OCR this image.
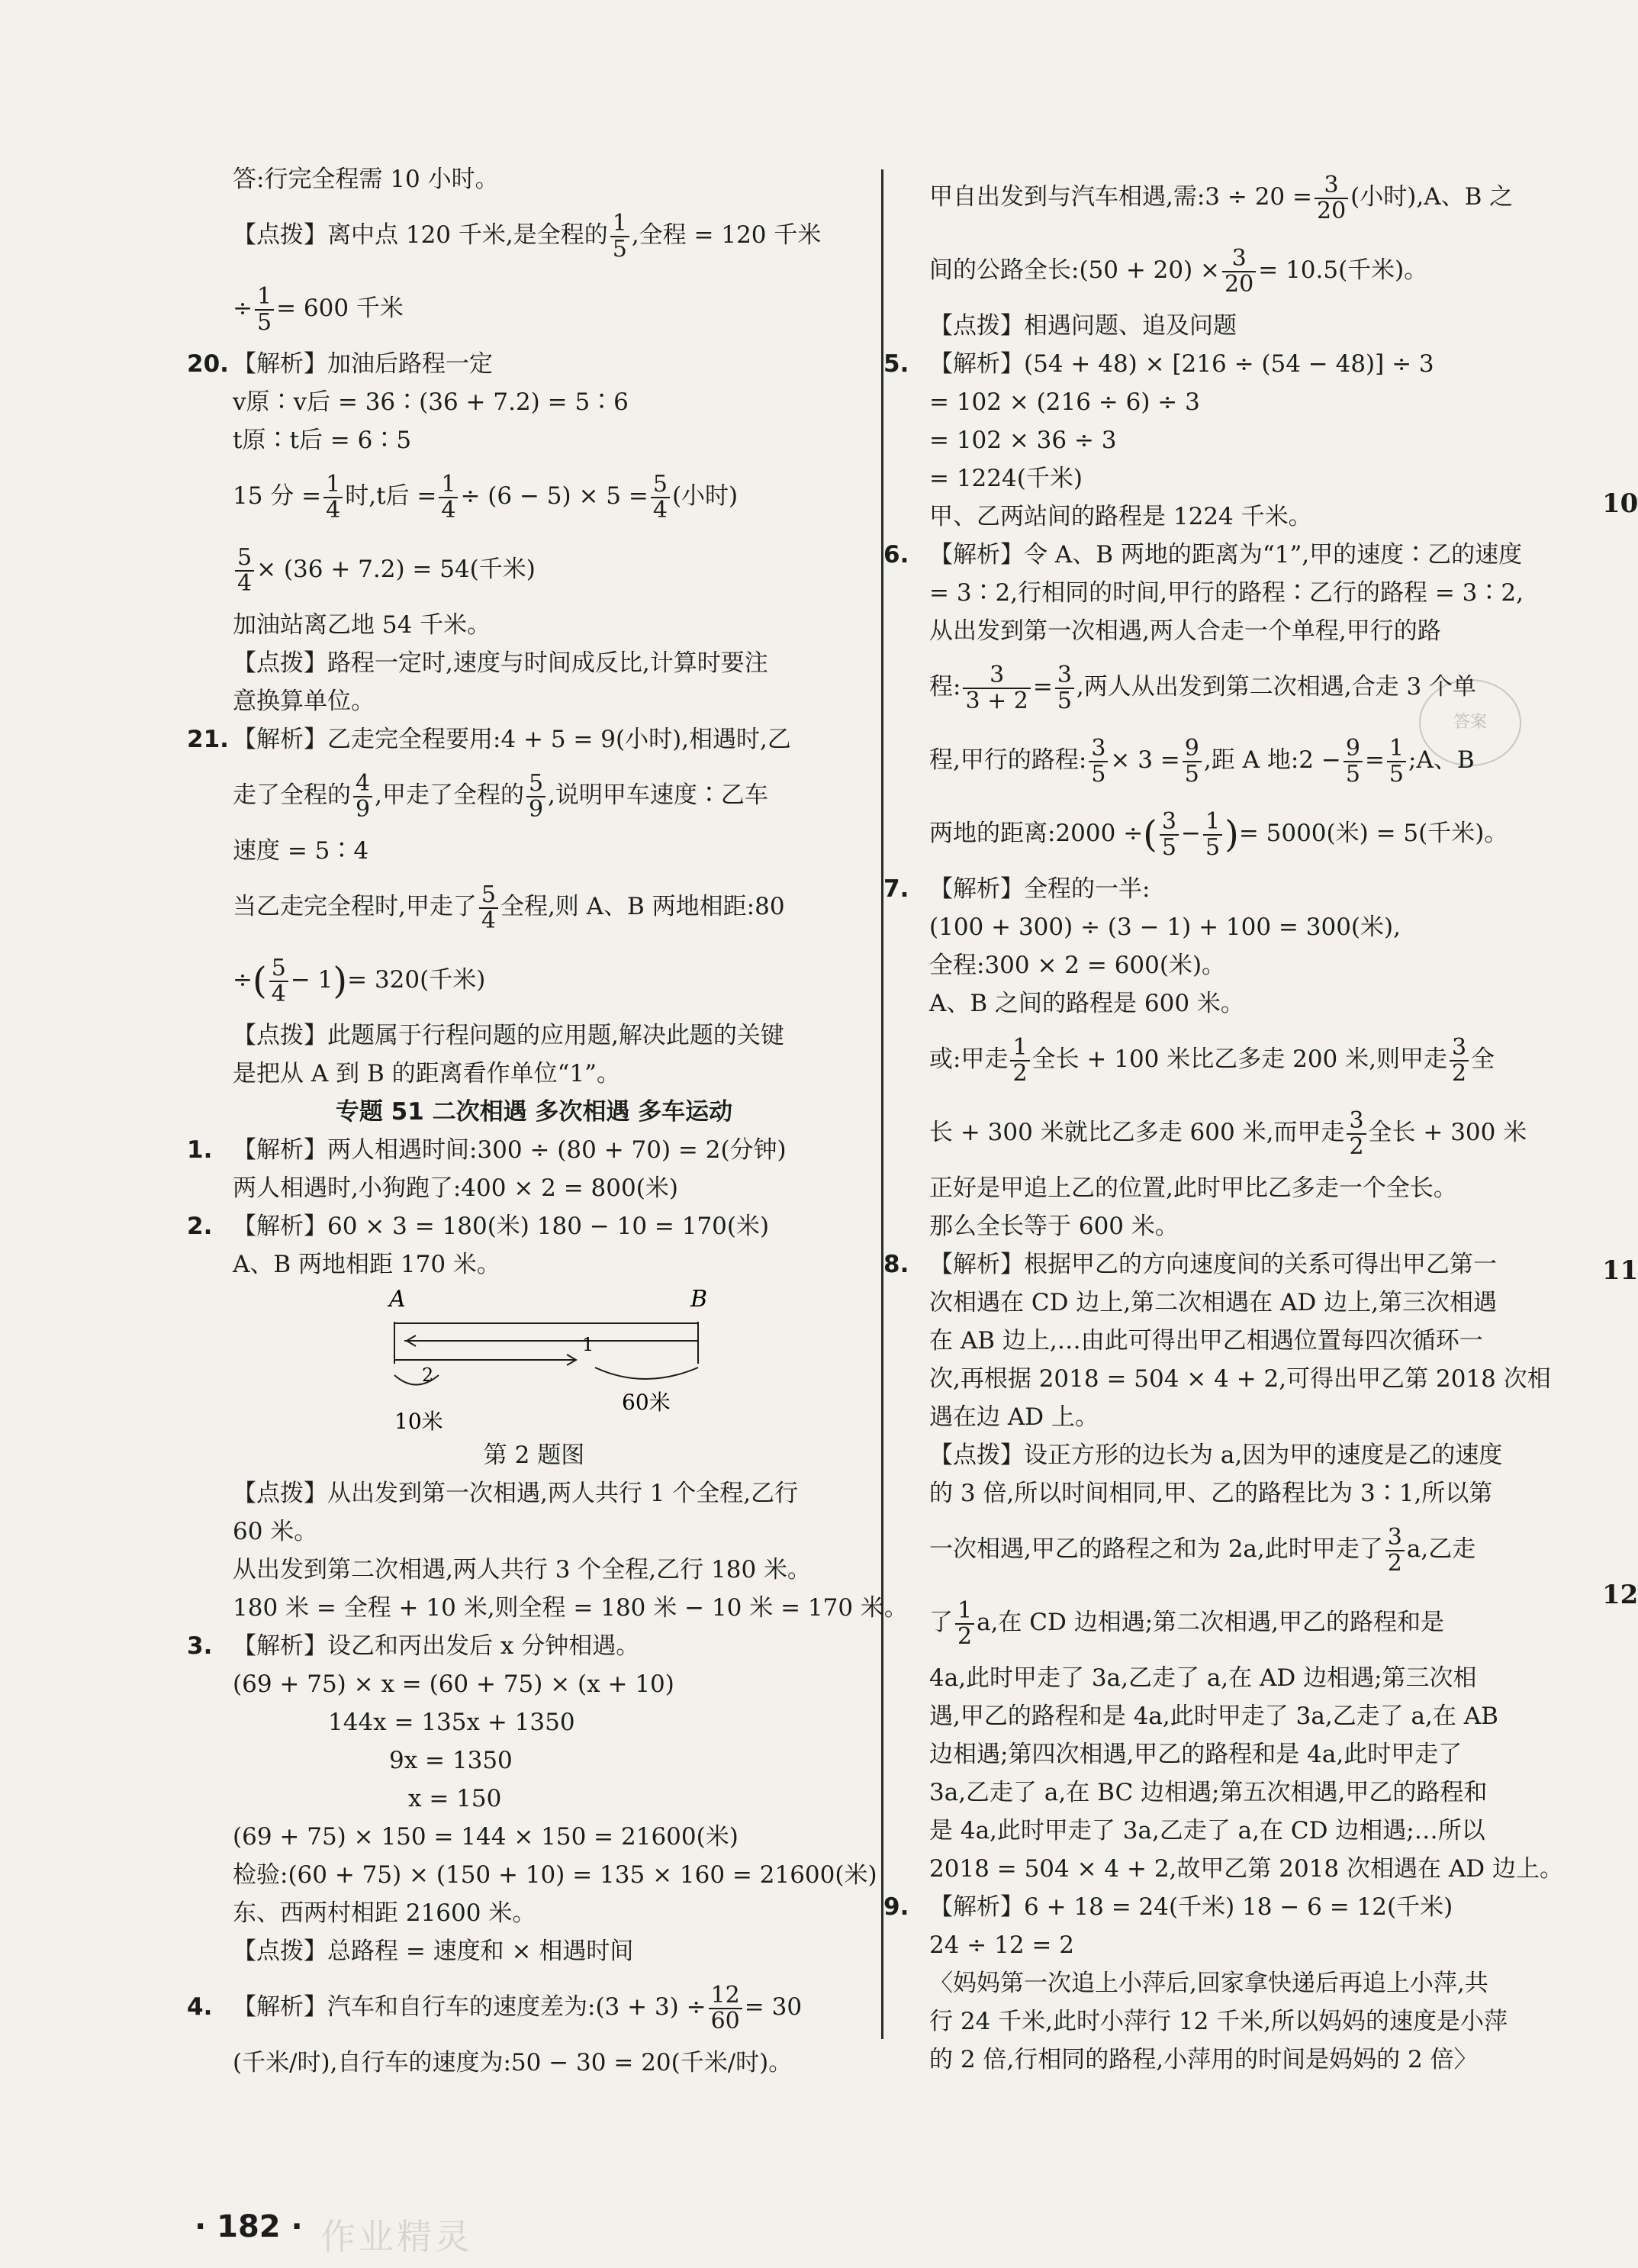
10
11
12
答案
答:行完全程需 10 小时。
【点拨】离中点 120 千米,是全程的 $\frac{1}{5}$ ,全程 = 120 千米
÷ $\frac{1}{5} = 600$ 千米
20. 【解析】加油后路程一定
v原∶v后 = 36∶(36 + 7.2) = 5∶6
t原∶t后 = 6∶5
15 分 = $\frac{1}{4}$ 时,t后 = $\frac{1}{4} \div (6 - 5) \times 5 = \frac{5}{4}$ (小时)
$\frac{5}{4} \times (36 + 7.2) = 54$(千米)
加油站离乙地 54 千米。
【点拨】路程一定时,速度与时间成反比,计算时要注
意换算单位。
21. 【解析】乙走完全程要用:4 + 5 = 9(小时),相遇时,乙
走了全程的 $\frac{4}{9}$ ,甲走了全程的 $\frac{5}{9}$ ,说明甲车速度∶乙车
速度 = 5∶4
当乙走完全程时,甲走了 $\frac{5}{4}$ 全程,则 A、B 两地相距:80
÷( $\frac{5}{4} - 1)= 320$(千米)
【点拨】此题属于行程问题的应用题,解决此题的关键
是把从 A 到 B 的距离看作单位“1”。
专题 51 二次相遇 多次相遇 多车运动
1. 【解析】两人相遇时间:300 ÷ (80 + 70) = 2(分钟)
两人相遇时,小狗跑了:400 × 2 = 800(米)
2. 【解析】60 × 3 = 180(米) 180 − 10 = 170(米)
A、B 两地相距 170 米。
A	B
1
60米
2
10米
第 2 题图
【点拨】从出发到第一次相遇,两人共行 1 个全程,乙行
60 米。
从出发到第二次相遇,两人共行 3 个全程,乙行 180 米。
180 米 = 全程 + 10 米,则全程 = 180 米 − 10 米 = 170 米。
3. 【解析】设乙和丙出发后 x 分钟相遇。
(69 + 75) × x = (60 + 75) × (x + 10)
144x = 135x + 1350
9x = 1350
x = 150
(69 + 75) × 150 = 144 × 150 = 21600(米)
检验:(60 + 75) × (150 + 10) = 135 × 160 = 21600(米)
东、西两村相距 21600 米。
【点拨】总路程 = 速度和 × 相遇时间
4. 【解析】汽车和自行车的速度差为:(3 + $3) \div \frac{12}{60} = 30$
(千米/时),自行车的速度为:50 − 30 = 20(千米/时)。
甲自出发到与汽车相遇,需:3 ÷ $20 = \frac{3}{20}$ (小时),A、B 之
间的公路全长:(50 + $20) \times \frac{3}{20} = 10.5$(千米)。
【点拨】相遇问题、追及问题
5. 【解析】(54 + 48) × [216 ÷ (54 − 48)] ÷ 3
= 102 × (216 ÷ 6) ÷ 3
= 102 × 36 ÷ 3
= 1224(千米)
甲、乙两站间的路程是 1224 千米。
6. 【解析】令 A、B 两地的距离为“1”,甲的速度∶乙的速度
= 3∶2,行相同的时间,甲行的路程∶乙行的路程 = 3∶2,
从出发到第一次相遇,两人合走一个单程,甲行的路
程: $\frac{3}{3 + 2} = \frac{3}{5}$ ,两人从出发到第二次相遇,合走 3 个单
程,甲行的路程: $\frac{3}{5} \times 3 = \frac{9}{5}$ ,距 A 地:2 − $\frac{9}{5} = \frac{1}{5}$ ;A、B
两地的距离:2000 ÷( $\frac{3}{5} - \frac{1}{5}$ )= 5000(米) = 5(千米)。
7. 【解析】全程的一半:
(100 + 300) ÷ (3 − 1) + 100 = 300(米),
全程:300 × 2 = 600(米)。
A、B 之间的路程是 600 米。
或:甲走 $\frac{1}{2}$ 全长 + 100 米比乙多走 200 米,则甲走 $\frac{3}{2}$ 全
长 + 300 米就比乙多走 600 米,而甲走 $\frac{3}{2}$ 全长 + 300 米
正好是甲追上乙的位置,此时甲比乙多走一个全长。
那么全长等于 600 米。
8. 【解析】根据甲乙的方向速度间的关系可得出甲乙第一
次相遇在 CD 边上,第二次相遇在 AD 边上,第三次相遇
在 AB 边上,…由此可得出甲乙相遇位置每四次循环一
次,再根据 2018 = 504 × 4 + 2,可得出甲乙第 2018 次相
遇在边 AD 上。
【点拨】设正方形的边长为 a,因为甲的速度是乙的速度
的 3 倍,所以时间相同,甲、乙的路程比为 3∶1,所以第
一次相遇,甲乙的路程之和为 2a,此时甲走了 $\frac{3}{2} a$,乙走
了 $\frac{1}{2} a$,在 CD 边相遇;第二次相遇,甲乙的路程和是
4a,此时甲走了 3a,乙走了 a,在 AD 边相遇;第三次相
遇,甲乙的路程和是 4a,此时甲走了 3a,乙走了 a,在 AB
边相遇;第四次相遇,甲乙的路程和是 4a,此时甲走了
3a,乙走了 a,在 BC 边相遇;第五次相遇,甲乙的路程和
是 4a,此时甲走了 3a,乙走了 a,在 CD 边相遇;…所以
2018 = 504 × 4 + 2,故甲乙第 2018 次相遇在 AD 边上。
9. 【解析】6 + 18 = 24(千米) 18 − 6 = 12(千米)
24 ÷ 12 = 2
〈妈妈第一次追上小萍后,回家拿快递后再追上小萍,共
行 24 千米,此时小萍行 12 千米,所以妈妈的速度是小萍
的 2 倍,行相同的路程,小萍用的时间是妈妈的 2 倍〉
· 182 · 作业精灵
